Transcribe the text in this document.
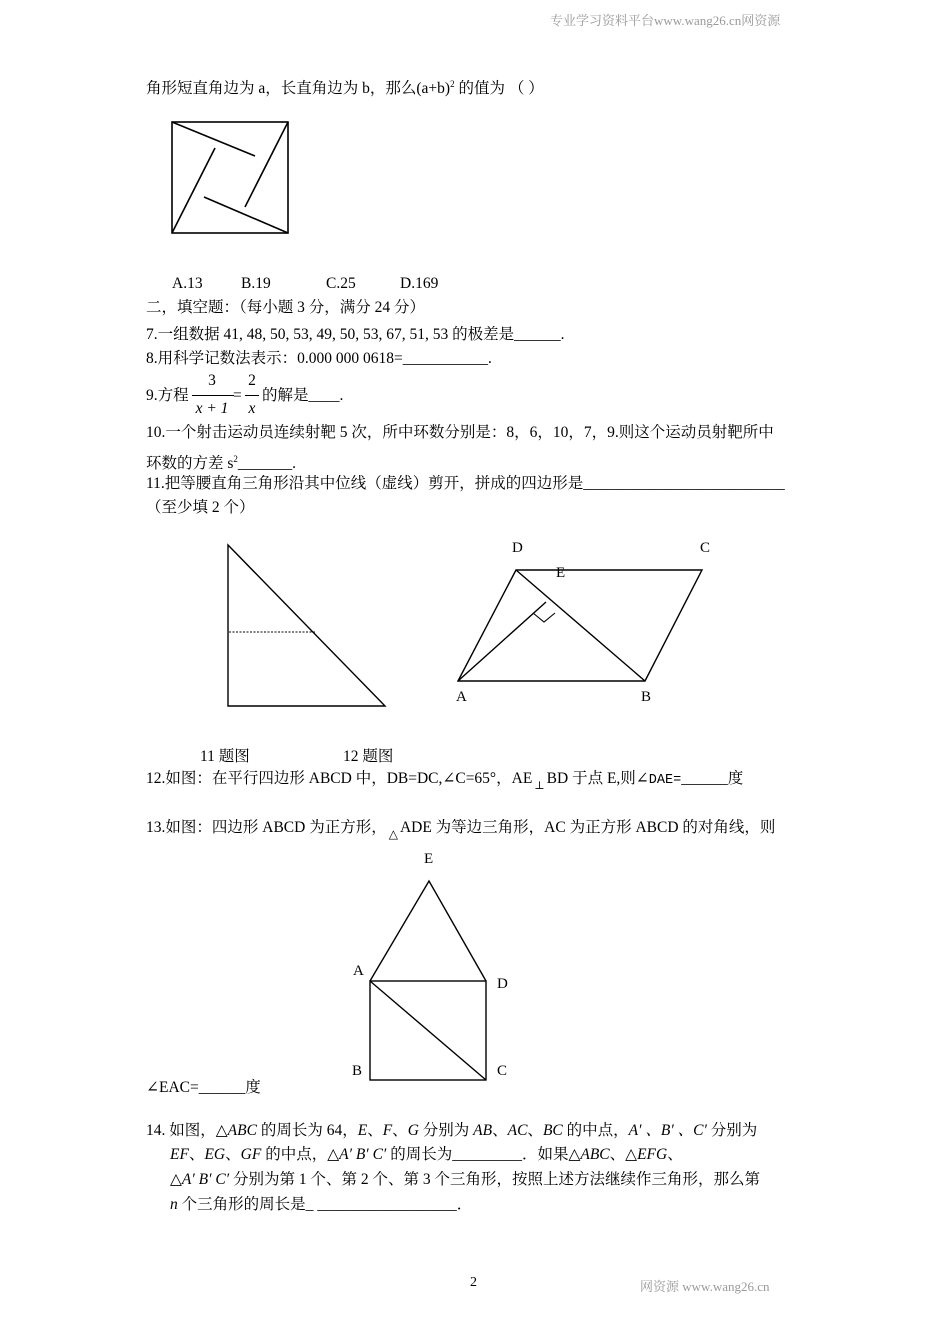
专业学习资料平台www.wang26.cn网资源
角形短直角边为 a，长直角边为 b，那么$(a+b)^2$ 的值为 （ ）
A.13 B.19	C.25	D.169
二，填空题：（每小题 3 分，满分 24 分）
7.一组数据 41, 48, 50, 53, 49, 50, 53, 67, 51, 53 的极差是______.
8.用科学记数法表示：0.000 000 0618=___________.
9.方程
3
x + 1
=
2
x
的解是____.
10.一个射击运动员连续射靶 5 次，所中环数分别是：8，6，10，7，9.则这个运动员射靶所中
环数的方差 $s^2\_\_\_\_\_\_\_$.
11.把等腰直角三角形沿其中位线（虚线）剪开，拼成的四边形是__________________________
（至少填 2 个）
D	C
E
A	B
11 题图	12 题图
12.如图：在平行四边形 ABCD 中，DB=DC,∠C=65°，AE $_\perp$ BD 于点 E,则∠DAE=______度
13.如图：四边形 ABCD 为正方形， $_\triangle$ ADE 为等边三角形，AC 为正方形 ABCD 的对角线，则
E
A
D
B	C
∠EAC=______度
14. 如图，△ABC 的周长为 64，E、F、G 分别为 AB、AC、BC 的中点，A′ 、B′ 、C′ 分别为
EF、EG、GF 的中点，△A′ B′ C′ 的周长为_________．如果△ABC、△EFG、
△A′ B′ C′ 分别为第 1 个、第 2 个、第 3 个三角形，按照上述方法继续作三角形，那么第
n 个三角形的周长是_ __________________．
2	网资源 www.wang26.cn
